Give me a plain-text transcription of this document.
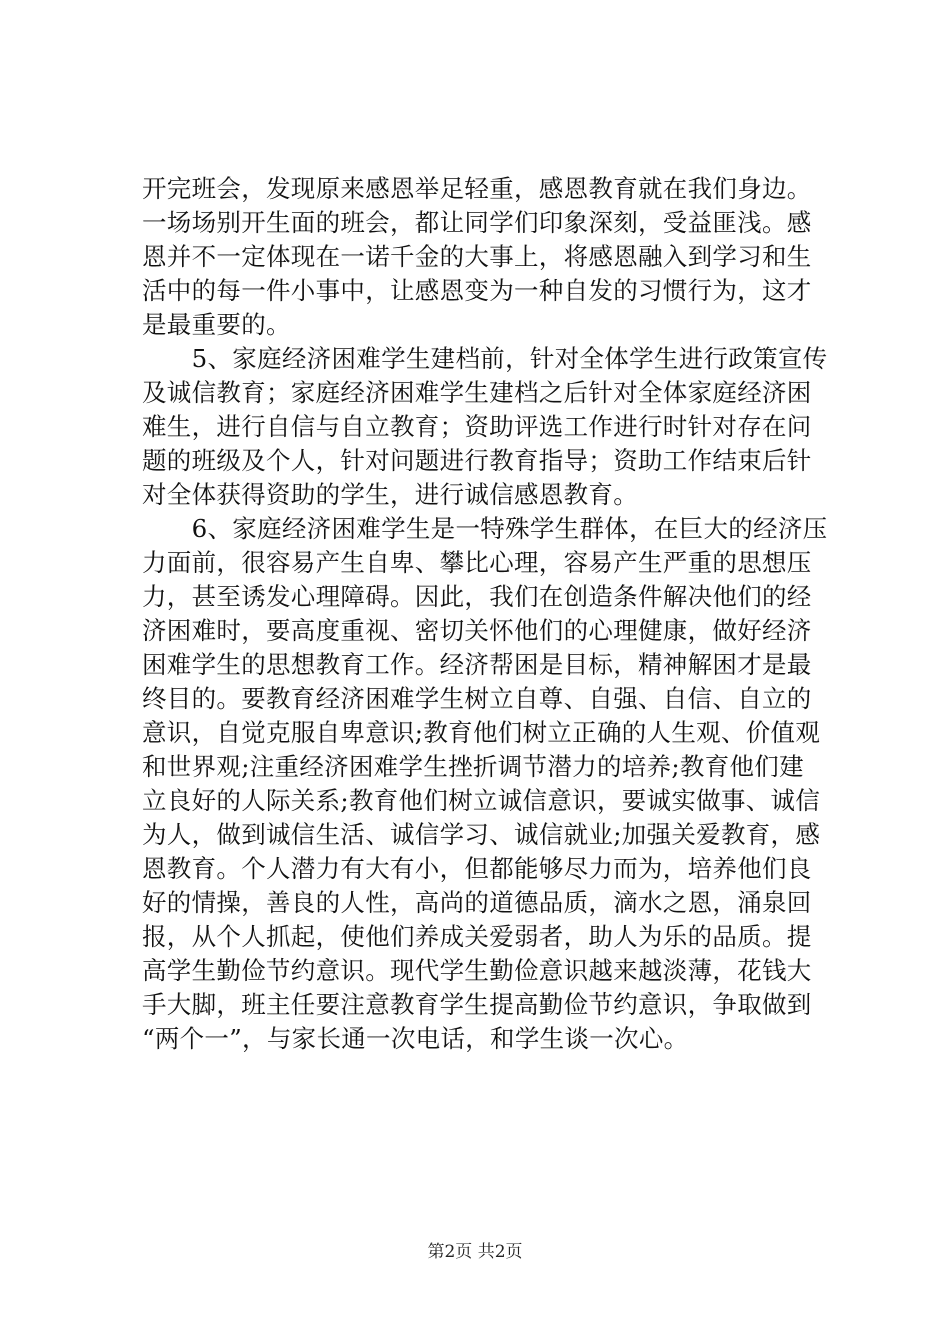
开完班会，发现原来感恩举足轻重，感恩教育就在我们身边。
一场场别开生面的班会，都让同学们印象深刻，受益匪浅。感
恩并不一定体现在一诺千金的大事上，将感恩融入到学习和生
活中的每一件小事中，让感恩变为一种自发的习惯行为，这才
是最重要的。
　　5、家庭经济困难学生建档前，针对全体学生进行政策宣传
及诚信教育；家庭经济困难学生建档之后针对全体家庭经济困
难生，进行自信与自立教育；资助评选工作进行时针对存在问
题的班级及个人，针对问题进行教育指导；资助工作结束后针
对全体获得资助的学生，进行诚信感恩教育。
　　6、家庭经济困难学生是一特殊学生群体，在巨大的经济压
力面前，很容易产生自卑、攀比心理，容易产生严重的思想压
力，甚至诱发心理障碍。因此，我们在创造条件解决他们的经
济困难时，要高度重视、密切关怀他们的心理健康，做好经济
困难学生的思想教育工作。经济帮困是目标，精神解困才是最
终目的。要教育经济困难学生树立自尊、自强、自信、自立的
意识，自觉克服自卑意识;教育他们树立正确的人生观、价值观
和世界观;注重经济困难学生挫折调节潜力的培养;教育他们建
立良好的人际关系;教育他们树立诚信意识，要诚实做事、诚信
为人，做到诚信生活、诚信学习、诚信就业;加强关爱教育，感
恩教育。个人潜力有大有小，但都能够尽力而为，培养他们良
好的情操，善良的人性，高尚的道德品质，滴水之恩，涌泉回
报，从个人抓起，使他们养成关爱弱者，助人为乐的品质。提
高学生勤俭节约意识。现代学生勤俭意识越来越淡薄，花钱大
手大脚，班主任要注意教育学生提高勤俭节约意识，争取做到
“两个一”，与家长通一次电话，和学生谈一次心。
第2页 共2页
